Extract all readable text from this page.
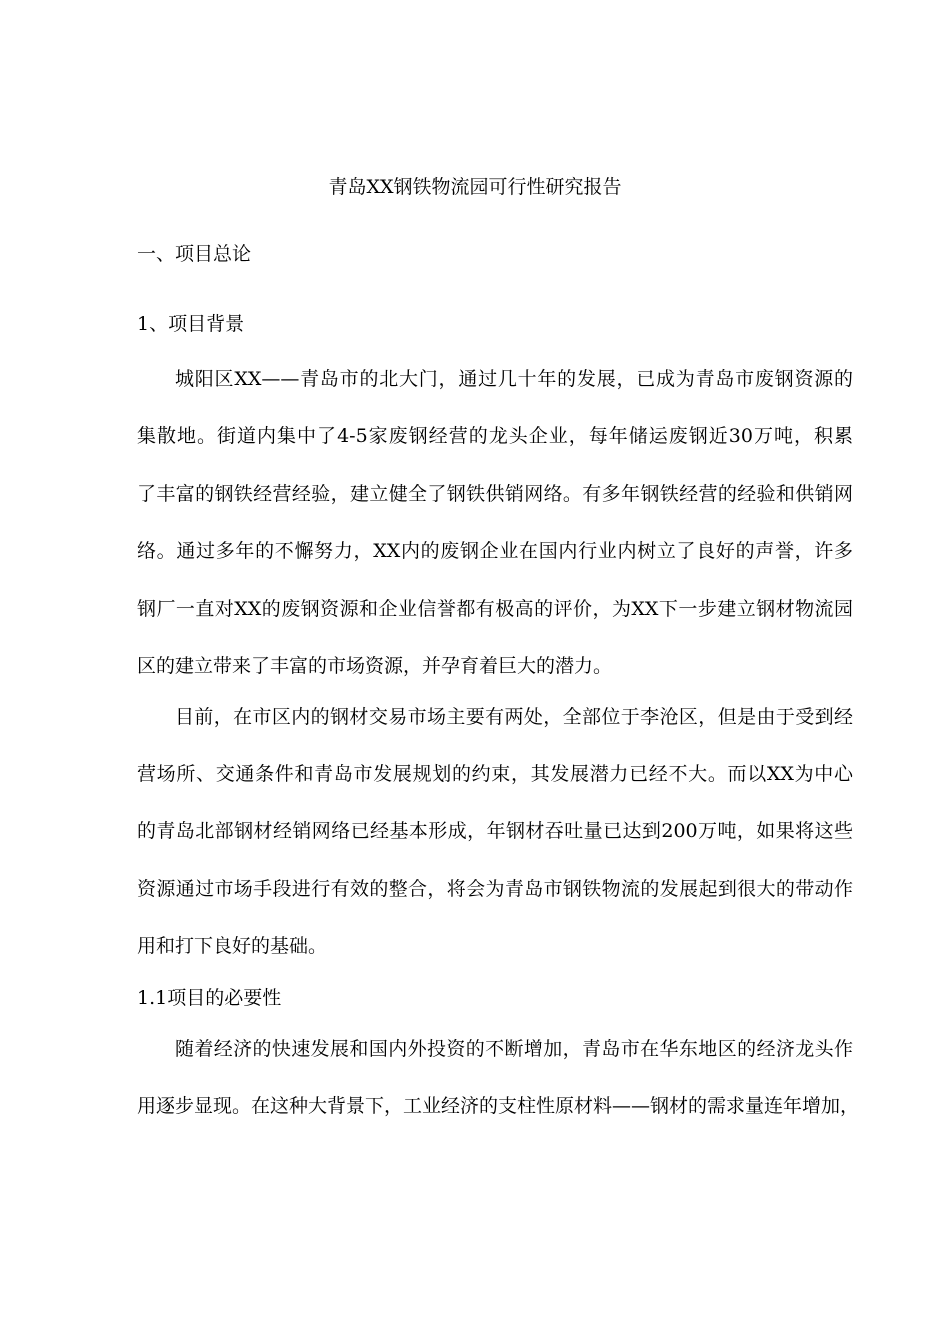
青岛XX钢铁物流园可行性研究报告
一、项目总论
1、项目背景
城阳区XX——青岛市的北大门，通过几十年的发展，已成为青岛市废钢资源的
集散地。街道内集中了4-5家废钢经营的龙头企业，每年储运废钢近30万吨，积累
了丰富的钢铁经营经验，建立健全了钢铁供销网络。有多年钢铁经营的经验和供销网
络。通过多年的不懈努力，XX内的废钢企业在国内行业内树立了良好的声誉，许多
钢厂一直对XX的废钢资源和企业信誉都有极高的评价，为XX下一步建立钢材物流园
区的建立带来了丰富的市场资源，并孕育着巨大的潜力。
目前，在市区内的钢材交易市场主要有两处，全部位于李沧区，但是由于受到经
营场所、交通条件和青岛市发展规划的约束，其发展潜力已经不大。而以XX为中心
的青岛北部钢材经销网络已经基本形成，年钢材吞吐量已达到200万吨，如果将这些
资源通过市场手段进行有效的整合，将会为青岛市钢铁物流的发展起到很大的带动作
用和打下良好的基础。
1.1项目的必要性
随着经济的快速发展和国内外投资的不断增加，青岛市在华东地区的经济龙头作
用逐步显现。在这种大背景下，工业经济的支柱性原材料——钢材的需求量连年增加，
